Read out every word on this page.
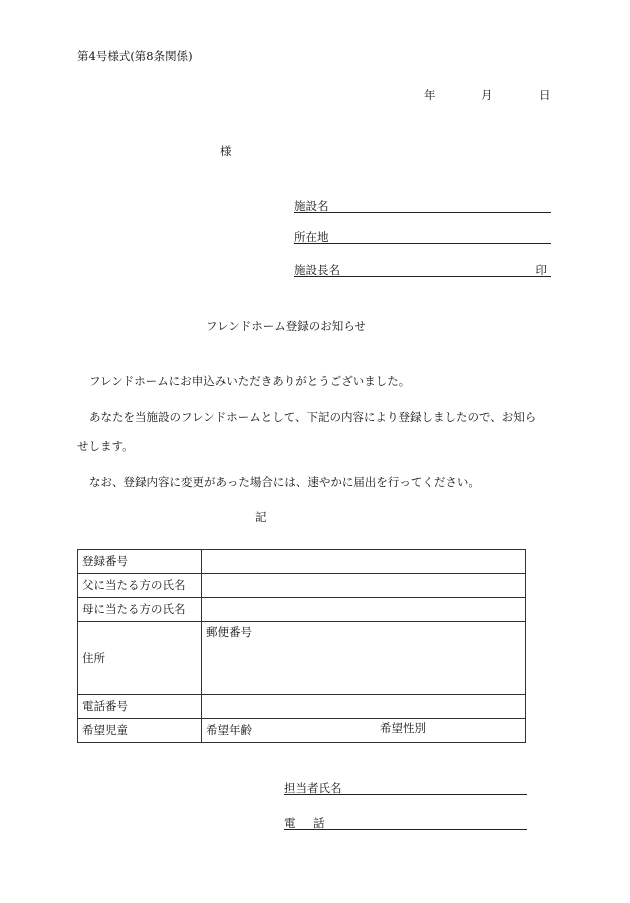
第4号様式(第8条関係)
年	月	日
様
施設名
所在地
施設長名	印
フレンドホーム登録のお知らせ
フレンドホームにお申込みいただきありがとうございました。
あなたを当施設のフレンドホームとして、下記の内容により登録しましたので、お知ら
せします。
なお、登録内容に変更があった場合には、速やかに届出を行ってください。
記
登録番号	
父に当たる方の氏名	
母に当たる方の氏名	
住所	郵便番号
電話番号	
希望児童	希望年齢 希望性別
担当者氏名
電　話
